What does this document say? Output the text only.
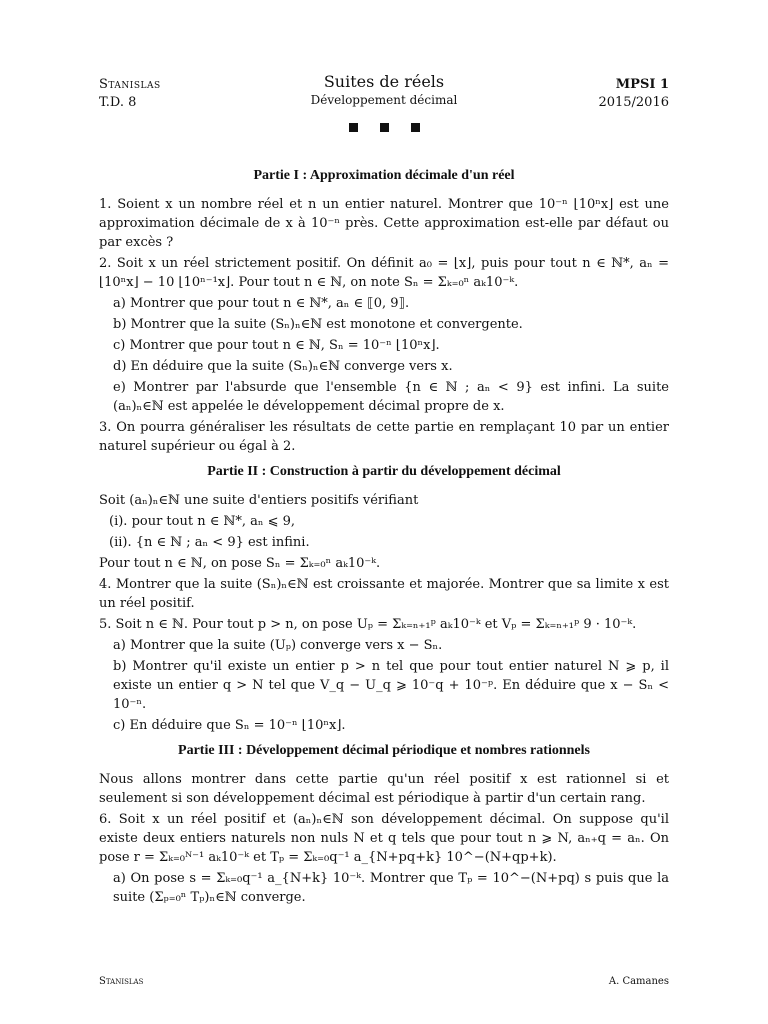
Stanislas
T.D. 8
Suites de réels
Développement décimal
MPSI 1
2015/2016
Partie I : Approximation décimale d'un réel

1. Soient x un nombre réel et n un entier naturel. Montrer que 10⁻ⁿ ⌊10ⁿx⌋ est une approximation décimale de x à 10⁻ⁿ près. Cette approximation est-elle par défaut ou par excès ?

2. Soit x un réel strictement positif. On définit a₀ = ⌊x⌋, puis pour tout n ∈ ℕ*, aₙ = ⌊10ⁿx⌋ − 10 ⌊10ⁿ⁻¹x⌋. Pour tout n ∈ ℕ, on note Sₙ = Σₖ₌₀ⁿ aₖ10⁻ᵏ.

a) Montrer que pour tout n ∈ ℕ*, aₙ ∈ ⟦0, 9⟧.

b) Montrer que la suite (Sₙ)ₙ∈ℕ est monotone et convergente.

c) Montrer que pour tout n ∈ ℕ, Sₙ = 10⁻ⁿ ⌊10ⁿx⌋.

d) En déduire que la suite (Sₙ)ₙ∈ℕ converge vers x.

e) Montrer par l'absurde que l'ensemble {n ∈ ℕ ; aₙ < 9} est infini. La suite (aₙ)ₙ∈ℕ est appelée le développement décimal propre de x.

3. On pourra généraliser les résultats de cette partie en remplaçant 10 par un entier naturel supérieur ou égal à 2.

Partie II : Construction à partir du développement décimal

Soit (aₙ)ₙ∈ℕ une suite d'entiers positifs vérifiant

(i). pour tout n ∈ ℕ*, aₙ ⩽ 9,

(ii). {n ∈ ℕ ; aₙ < 9} est infini.

Pour tout n ∈ ℕ, on pose Sₙ = Σₖ₌₀ⁿ aₖ10⁻ᵏ.

4. Montrer que la suite (Sₙ)ₙ∈ℕ est croissante et majorée. Montrer que sa limite x est un réel positif.

5. Soit n ∈ ℕ. Pour tout p > n, on pose Uₚ = Σₖ₌ₙ₊₁ᵖ aₖ10⁻ᵏ et Vₚ = Σₖ₌ₙ₊₁ᵖ 9 · 10⁻ᵏ.

a) Montrer que la suite (Uₚ) converge vers x − Sₙ.

b) Montrer qu'il existe un entier p > n tel que pour tout entier naturel N ⩾ p, il existe un entier q > N tel que V_q − U_q ⩾ 10⁻q + 10⁻ᵖ. En déduire que x − Sₙ < 10⁻ⁿ.

c) En déduire que Sₙ = 10⁻ⁿ ⌊10ⁿx⌋.

Partie III : Développement décimal périodique et nombres rationnels

Nous allons montrer dans cette partie qu'un réel positif x est rationnel si et seulement si son développement décimal est périodique à partir d'un certain rang.

6. Soit x un réel positif et (aₙ)ₙ∈ℕ son développement décimal. On suppose qu'il existe deux entiers naturels non nuls N et q tels que pour tout n ⩾ N, aₙ₊q = aₙ. On pose r = Σₖ₌₀ᴺ⁻¹ aₖ10⁻ᵏ et Tₚ = Σₖ₌₀q⁻¹ a_{N+pq+k} 10^−(N+qp+k).

a) On pose s = Σₖ₌₀q⁻¹ a_{N+k} 10⁻ᵏ. Montrer que Tₚ = 10^−(N+pq) s puis que la suite (Σₚ₌₀ⁿ Tₚ)ₙ∈ℕ converge.

Stanislas	A. Camanes
